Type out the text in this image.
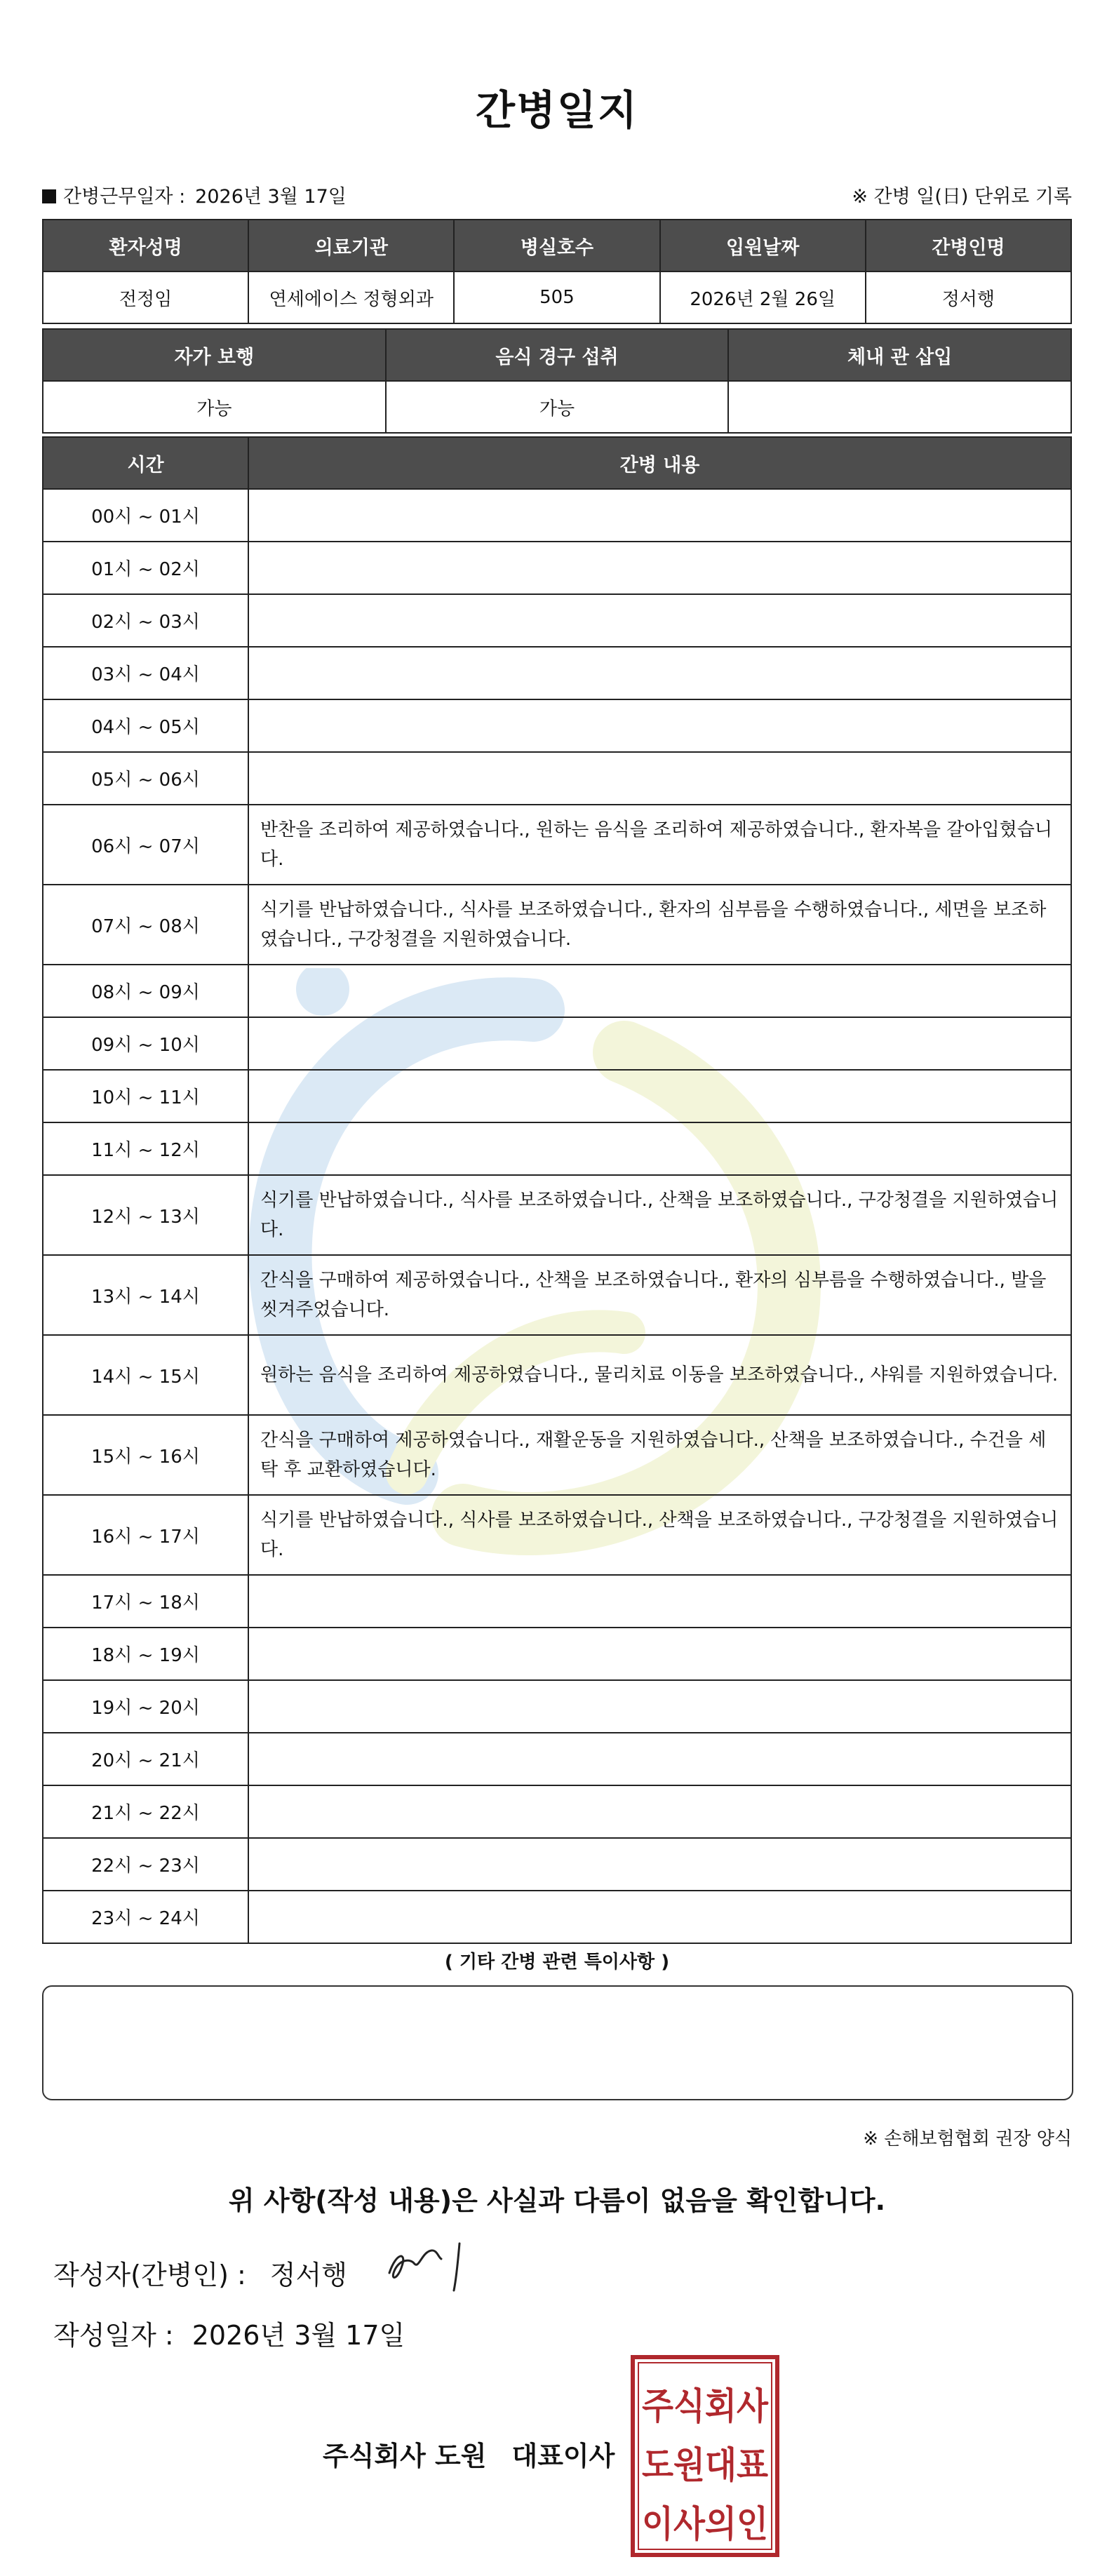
간병일지
간병근무일자 : 2026년 3월 17일	※ 간병 일(日) 단위로 기록
환자성명	의료기관	병실호수	입원날짜	간병인명
전정임	연세에이스 정형외과	505	2026년 2월 26일	정서행
자가 보행	음식 경구 섭취	체내 관 삽입
가능	가능	
시간	간병 내용
00시 ~ 01시	
01시 ~ 02시	
02시 ~ 03시	
03시 ~ 04시	
04시 ~ 05시	
05시 ~ 06시	
06시 ~ 07시	반찬을 조리하여 제공하였습니다., 원하는 음식을 조리하여 제공하였습니다., 환자복을 갈아입혔습니다.
07시 ~ 08시	식기를 반납하였습니다., 식사를 보조하였습니다., 환자의 심부름을 수행하였습니다., 세면을 보조하였습니다., 구강청결을 지원하였습니다.
08시 ~ 09시	
09시 ~ 10시	
10시 ~ 11시	
11시 ~ 12시	
12시 ~ 13시	식기를 반납하였습니다., 식사를 보조하였습니다., 산책을 보조하였습니다., 구강청결을 지원하였습니다.
13시 ~ 14시	간식을 구매하여 제공하였습니다., 산책을 보조하였습니다., 환자의 심부름을 수행하였습니다., 발을 씻겨주었습니다.
14시 ~ 15시	원하는 음식을 조리하여 제공하였습니다., 물리치료 이동을 보조하였습니다., 샤워를 지원하였습니다.
15시 ~ 16시	간식을 구매하여 제공하였습니다., 재활운동을 지원하였습니다., 산책을 보조하였습니다., 수건을 세탁 후 교환하였습니다.
16시 ~ 17시	식기를 반납하였습니다., 식사를 보조하였습니다., 산책을 보조하였습니다., 구강청결을 지원하였습니다.
17시 ~ 18시	
18시 ~ 19시	
19시 ~ 20시	
20시 ~ 21시	
21시 ~ 22시	
22시 ~ 23시	
23시 ~ 24시	
( 기타 간병 관련 특이사항 )
※ 손해보험협회 권장 양식
위 사항(작성 내용)은 사실과 다름이 없음을 확인합니다.
작성자(간병인) : 정서행
작성일자 : 2026년 3월 17일
주식회사 도원 대표이사
주식회사
도원대표
이사의인
